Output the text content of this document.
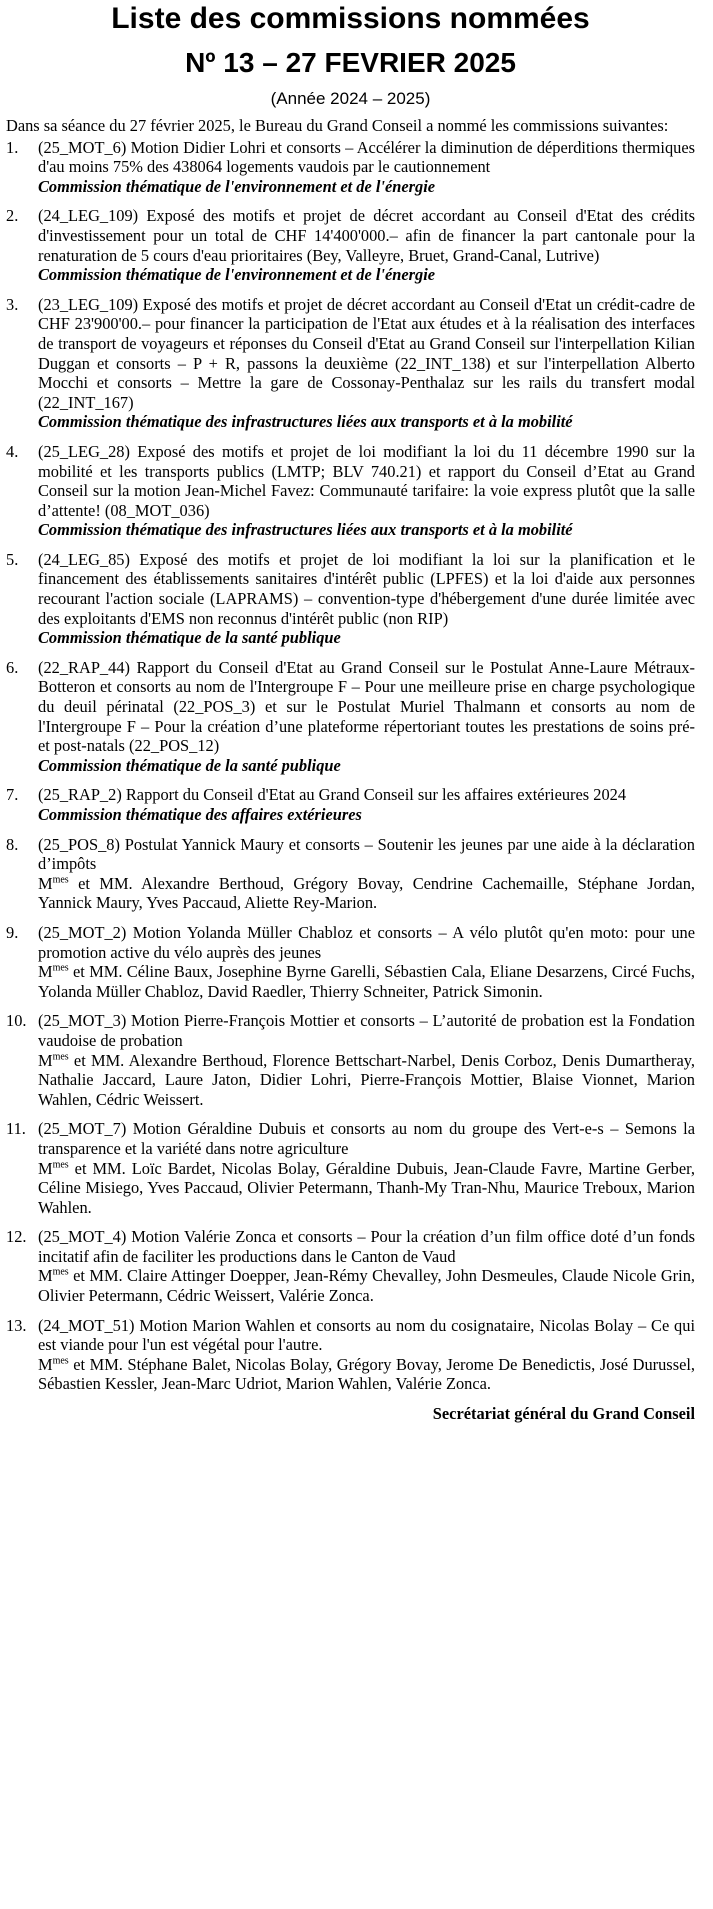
Liste des commissions nommées
Nº 13 – 27 FEVRIER 2025
(Année 2024 – 2025)
Dans sa séance du 27 février 2025, le Bureau du Grand Conseil a nommé les commissions suivantes:
1.	(25_MOT_6) Motion Didier Lohri et consorts – Accélérer la diminution de déperditions thermiques d'au moins 75% des 438064 logements vaudois par le cautionnement
Commission thématique de l'environnement et de l'énergie
2.	(24_LEG_109) Exposé des motifs et projet de décret accordant au Conseil d'Etat des crédits d'investissement pour un total de CHF 14'400'000.– afin de financer la part cantonale pour la renaturation de 5 cours d'eau prioritaires (Bey, Valleyre, Bruet, Grand-Canal, Lutrive)
Commission thématique de l'environnement et de l'énergie
3.	(23_LEG_109) Exposé des motifs et projet de décret accordant au Conseil d'Etat un crédit-cadre de CHF 23'900'00.– pour financer la participation de l'Etat aux études et à la réalisation des interfaces de transport de voyageurs et réponses du Conseil d'Etat au Grand Conseil sur l'interpellation Kilian Duggan et consorts – P + R, passons la deuxième (22_INT_138) et sur l'interpellation Alberto Mocchi et consorts – Mettre la gare de Cossonay-Penthalaz sur les rails du transfert modal (22_INT_167)
Commission thématique des infrastructures liées aux transports et à la mobilité
4.	(25_LEG_28) Exposé des motifs et projet de loi modifiant la loi du 11 décembre 1990 sur la mobilité et les transports publics (LMTP; BLV 740.21) et rapport du Conseil d’Etat au Grand Conseil sur la motion Jean-Michel Favez: Communauté tarifaire: la voie express plutôt que la salle d’attente! (08_MOT_036)
Commission thématique des infrastructures liées aux transports et à la mobilité
5.	(24_LEG_85) Exposé des motifs et projet de loi modifiant la loi sur la planification et le financement des établissements sanitaires d'intérêt public (LPFES) et la loi d'aide aux personnes recourant l'action sociale (LAPRAMS) – convention-type d'hébergement d'une durée limitée avec des exploitants d'EMS non reconnus d'intérêt public (non RIP)
Commission thématique de la santé publique
6.	(22_RAP_44) Rapport du Conseil d'Etat au Grand Conseil sur le Postulat Anne-Laure Métraux-Botteron et consorts au nom de l'Intergroupe F – Pour une meilleure prise en charge psychologique du deuil périnatal (22_POS_3) et sur le Postulat Muriel Thalmann et consorts au nom de l'Intergroupe F – Pour la création d’une plateforme répertoriant toutes les prestations de soins pré- et post-natals (22_POS_12)
Commission thématique de la santé publique
7.	(25_RAP_2) Rapport du Conseil d'Etat au Grand Conseil sur les affaires extérieures 2024
Commission thématique des affaires extérieures
8.	(25_POS_8) Postulat Yannick Maury et consorts – Soutenir les jeunes par une aide à la déclaration d’impôts
$M^{mes}$ et MM. Alexandre Berthoud, Grégory Bovay, Cendrine Cachemaille, Stéphane Jordan, Yannick Maury, Yves Paccaud, Aliette Rey-Marion.
9.	(25_MOT_2) Motion Yolanda Müller Chabloz et consorts – A vélo plutôt qu'en moto: pour une promotion active du vélo auprès des jeunes
$M^{mes}$ et MM. Céline Baux, Josephine Byrne Garelli, Sébastien Cala, Eliane Desarzens, Circé Fuchs, Yolanda Müller Chabloz, David Raedler, Thierry Schneiter, Patrick Simonin.
10. (25_MOT_3) Motion Pierre-François Mottier et consorts – L’autorité de probation est la Fondation vaudoise de probation
$M^{mes}$ et MM. Alexandre Berthoud, Florence Bettschart-Narbel, Denis Corboz, Denis Dumartheray, Nathalie Jaccard, Laure Jaton, Didier Lohri, Pierre-François Mottier, Blaise Vionnet, Marion Wahlen, Cédric Weissert.
11. (25_MOT_7) Motion Géraldine Dubuis et consorts au nom du groupe des Vert-e-s – Semons la transparence et la variété dans notre agriculture
$M^{mes}$ et MM. Loïc Bardet, Nicolas Bolay, Géraldine Dubuis, Jean-Claude Favre, Martine Gerber, Céline Misiego, Yves Paccaud, Olivier Petermann, Thanh-My Tran-Nhu, Maurice Treboux, Marion Wahlen.
12. (25_MOT_4) Motion Valérie Zonca et consorts – Pour la création d’un film office doté d’un fonds incitatif afin de faciliter les productions dans le Canton de Vaud
$M^{mes}$ et MM. Claire Attinger Doepper, Jean-Rémy Chevalley, John Desmeules, Claude Nicole Grin, Olivier Petermann, Cédric Weissert, Valérie Zonca.
13. (24_MOT_51) Motion Marion Wahlen et consorts au nom du cosignataire, Nicolas Bolay – Ce qui est viande pour l'un est végétal pour l'autre.
$M^{mes}$ et MM. Stéphane Balet, Nicolas Bolay, Grégory Bovay, Jerome De Benedictis, José Durussel, Sébastien Kessler, Jean-Marc Udriot, Marion Wahlen, Valérie Zonca.
Secrétariat général du Grand Conseil
